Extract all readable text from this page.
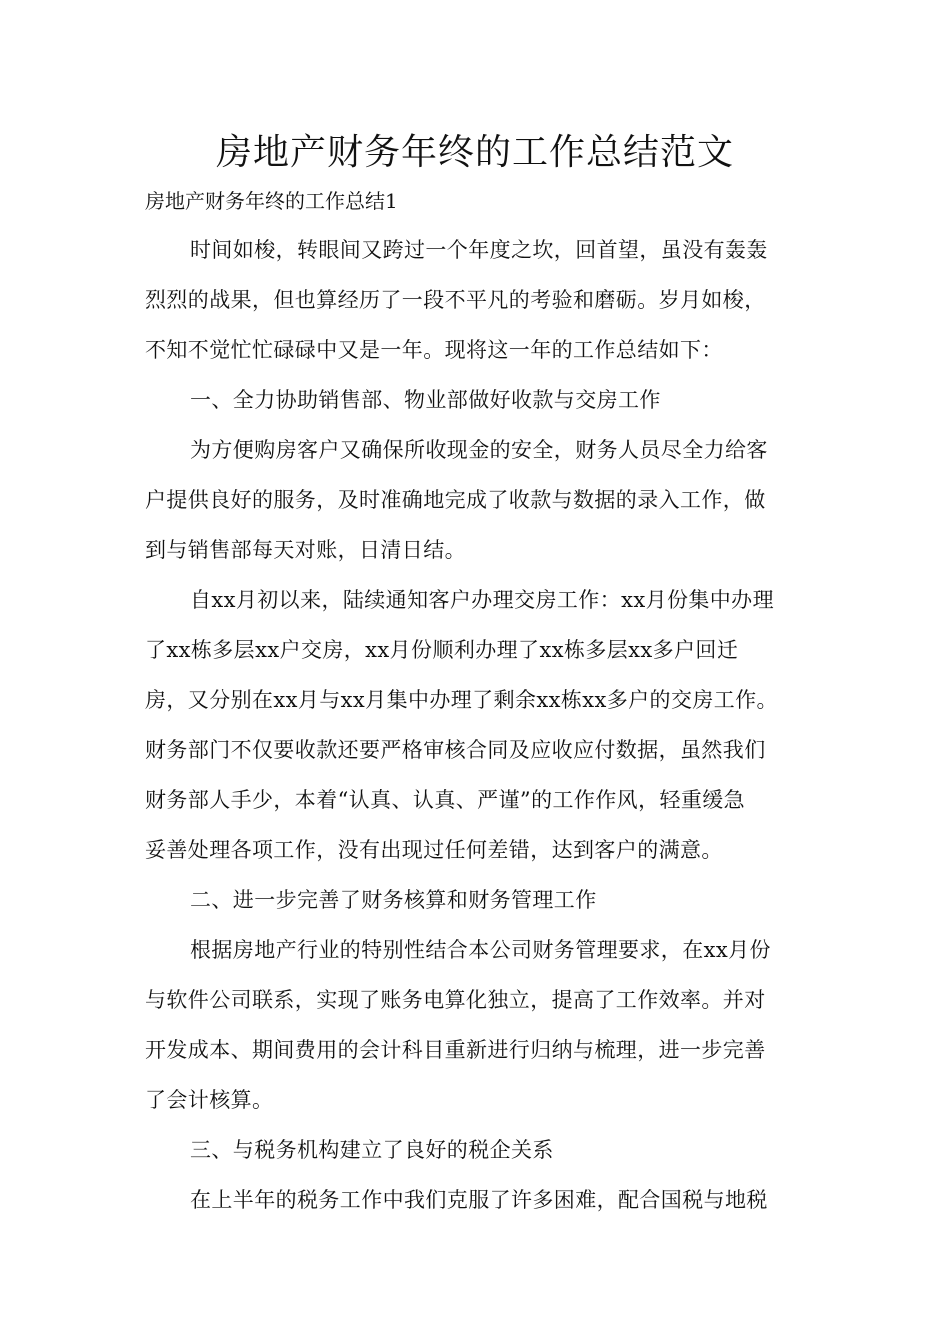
房地产财务年终的工作总结范文

房地产财务年终的工作总结1

时间如梭，转眼间又跨过一个年度之坎，回首望，虽没有轰轰

烈烈的战果，但也算经历了一段不平凡的考验和磨砺。岁月如梭，

不知不觉忙忙碌碌中又是一年。现将这一年的工作总结如下：

一、全力协助销售部、物业部做好收款与交房工作

为方便购房客户又确保所收现金的安全，财务人员尽全力给客

户提供良好的服务，及时准确地完成了收款与数据的录入工作，做

到与销售部每天对账，日清日结。

自xx月初以来，陆续通知客户办理交房工作：xx月份集中办理

了xx栋多层xx户交房，xx月份顺利办理了xx栋多层xx多户回迁

房，又分别在xx月与xx月集中办理了剩余xx栋xx多户的交房工作。

财务部门不仅要收款还要严格审核合同及应收应付数据，虽然我们

财务部人手少，本着“认真、认真、严谨”的工作作风，轻重缓急

妥善处理各项工作，没有出现过任何差错，达到客户的满意。

二、进一步完善了财务核算和财务管理工作

根据房地产行业的特别性结合本公司财务管理要求，在xx月份

与软件公司联系，实现了账务电算化独立，提高了工作效率。并对

开发成本、期间费用的会计科目重新进行归纳与梳理，进一步完善

了会计核算。

三、与税务机构建立了良好的税企关系

在上半年的税务工作中我们克服了许多困难，配合国税与地税
